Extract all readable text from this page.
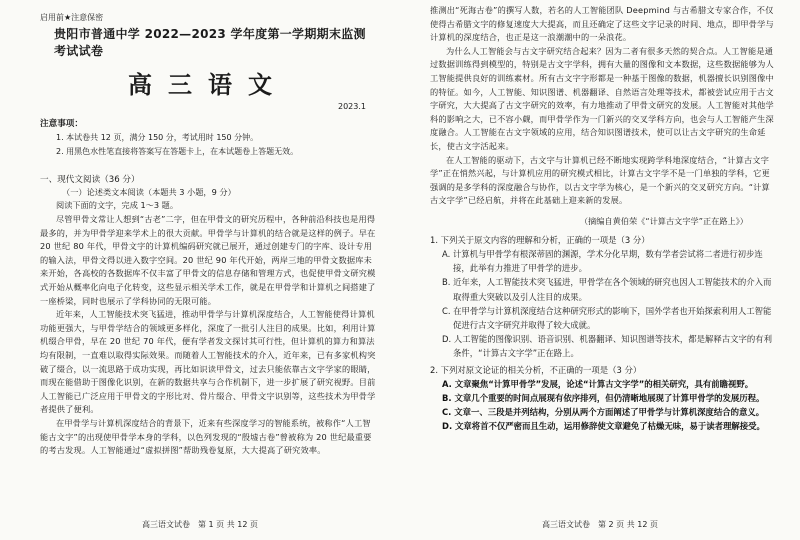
启用前★注意保密
贵阳市普通中学 2022—2023 学年度第一学期期末监测考试试卷
高三语文
2023.1
注意事项：
1. 本试卷共 12 页，满分 150 分，考试用时 150 分钟。
2. 用黑色水性笔直接将答案写在答题卡上，在本试题卷上答题无效。
一、现代文阅读（36 分）
（一）论述类文本阅读（本题共 3 小题，9 分）
阅读下面的文字，完成 1～3 题。

尽管甲骨文常让人想到“古老”二字，但在甲骨文的研究历程中，各种前沿科技也是用得最多的，并为甲骨学迎来学术上的很大贡献。甲骨学与计算机的结合就是这样的例子。早在 20 世纪 80 年代，甲骨文字的计算机编码研究就已展开，通过创建专门的字库、设计专用的输入法，甲骨文得以进入数字空间。20 世纪 90 年代开始，两岸三地的甲骨文数据库未来开始，各高校的各数据库不仅丰富了甲骨文的信息存储和管理方式，也促使甲骨文研究模式开始从概率化向电子化转变，这些显示相关学术工作，就是在甲骨学和计算机之间搭建了一座桥梁，同时也展示了学科协同的无限可能。

近年来，人工智能技术突飞猛进，推动甲骨学与计算机深度结合，人工智能使得计算机功能更强大，与甲骨学结合的领域更多样化，深度了一批引人注目的成果。比如，利用计算机缀合甲骨，早在 20 世纪 70 年代，便有学者发文探讨其可行性，但计算机的算力和算法均有限制，一直难以取得实际效果。而随着人工智能技术的介入，近年来，已有多家机构突破了缀合，以一流思路于成功实现，再比如识读甲骨文，过去只能依靠古文字学家的眼睛，而现在能借助于图像化识别，在新的数据共享与合作机制下，进一步扩展了研究视野。目前人工智能已广泛应用于甲骨文的字形比对、骨片缀合、甲骨文字识别等，这些技术为甲骨学者提供了便利。

在甲骨学与计算机深度结合的背景下，近来有些深度学习的智能系统，被称作“人工智能古文字”的出现使甲骨学本身的学科，以色列发现的“殷墟古卷”曾被称为 20 世纪最重要的考古发现。人工智能通过“虚拟拼图”帮助残卷复原，大大提高了研究效率。

高三语文试卷　第 1 页 共 12 页

推测出“死海古卷”的撰写人数，若名的人工智能团队 Deepmind 与古希腊文专家合作，不仅使得古希腊文字的修复速度大大提高，而且还确定了这些文字记录的时间、地点，即甲骨学与计算机的深度结合，也正是这一浪潮潮中的一朵浪花。

为什么人工智能会与古文字研究结合起来？因为二者有很多天然的契合点。人工智能是通过数据训练得到模型的，特别是古文字学科，拥有大量的图像和文本数据，这些数据能够为人工智能提供良好的训练素材。所有古文字字形都是一种基于图像的数据，机器擅长识别图像中的特征。如今，人工智能、知识图谱、机器翻译、自然语言处理等技术，都被尝试应用于古文字研究，大大提高了古文字研究的效率，有力地推动了甲骨文研究的发展。人工智能对其他学科的影响之大，已不容小觑，而甲骨学作为一门新兴的交叉学科方向，也会与人工智能产生深度融合。人工智能在古文字领域的应用，结合知识图谱技术，使可以让古文字研究的生命延长，使古文字活起来。

在人工智能的驱动下，古文字与计算机已经不断地实现跨学科地深度结合，“计算古文字学”正在悄然兴起，与计算机应用的研究模式相比，计算古文字学不是一门单独的学科，它更强调的是多学科的深度融合与协作，以古文字学为核心，是一个新兴的交叉研究方向。“计算古文字学”已经启航，并将在此基础上迎来新的发展。

（摘编自黄伯荣《“计算古文字学”正在路上》）
1. 下列关于原文内容的理解和分析，正确的一项是（3 分）
A. 计算机与甲骨学有根深蒂固的渊源，学术分化早期，数有学者尝试将二者进行初步连接，此举有力推进了甲骨学的进步。
B. 近年来，人工智能技术突飞猛进，甲骨学在各个领域的研究也因人工智能技术的介入而取得重大突破以及引人注目的成果。
C. 在甲骨学与计算机深度结合这种研究形式的影响下，国外学者也开始探索利用人工智能促进行古文字研究并取得了较大成就。
D. 人工智能的图像识别、语音识别、机器翻译、知识图谱等技术，都是解释古文字的有利条件，“计算古文字学”正在路上。
2. 下列对原文论证的相关分析，不正确的一项是（3 分）
A. 文章聚焦“计算甲骨学”发展，论述“计算古文字学”的相关研究，具有前瞻视野。
B. 文章几个重要的时间点展现有依序排列，但仍清晰地展现了计算甲骨学的发展历程。
C. 文章一、三段是并列结构，分别从两个方面阐述了甲骨学与计算机深度结合的意义。
D. 文章将首不仅严密而且生动，运用修辞使文章避免了枯燥无味，易于读者理解接受。
高三语文试卷　第 2 页 共 12 页
